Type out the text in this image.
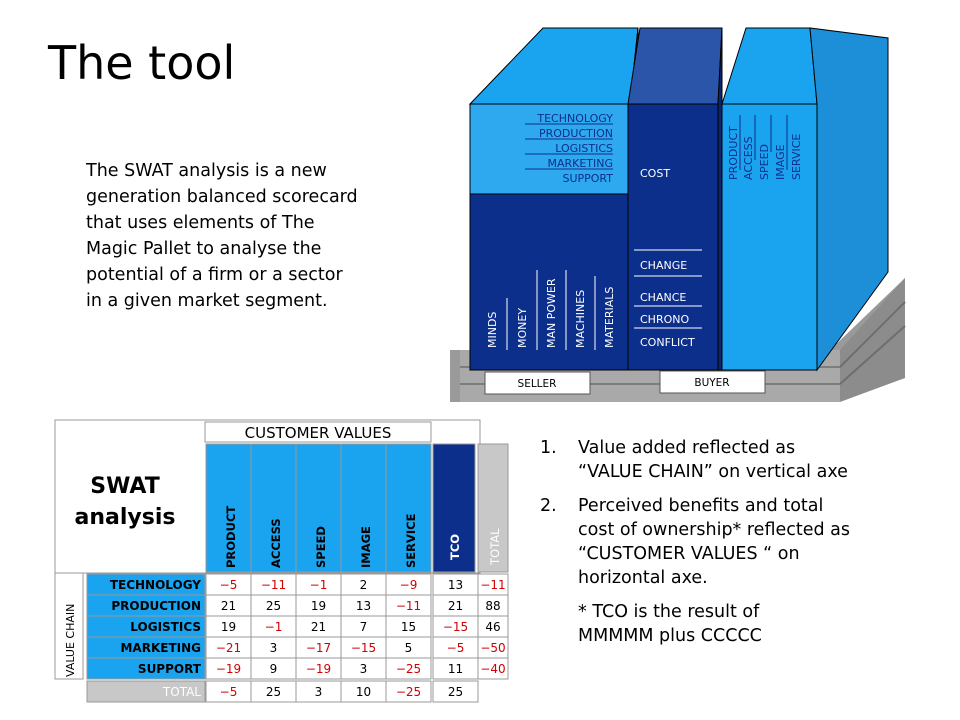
The tool
The SWAT analysis is a new
generation balanced scorecard
that uses elements of The
Magic Pallet to analyse the
potential of a firm or a sector
in a given market segment.
SELLER	BUYER
TECHNOLOGY
PRODUCTION
LOGISTICS
MARKETING
SUPPORT
MINDS MONEY MAN POWER MACHINES MATERIALS
COST
CHANGE
CHANCE
CHRONO
CONFLICT
PRODUCT ACCESS SPEED IMAGE SERVICE
SWAT
analysis
CUSTOMER VALUES
PRODUCT	ACCESS	SPEED	IMAGE	SERVICE	TCO TOTAL
VALUE CHAIN
TECHNOLOGY −5 −11 −1	2	−9	13 −11
PRODUCTION 21 25 19 13 −11 21 88
LOGISTICS 19 −1 21	7	15 −15 46
MARKETING −21 3 −17 −15 5	−5 −50
SUPPORT −19 9 −19 3 −25 11 −40
TOTAL −5 25	3	10 −25 25
1. Value added reflected as
“VALUE CHAIN” on vertical axe
2. Perceived benefits and total
cost of ownership* reflected as
“CUSTOMER VALUES “ on
horizontal axe.
* TCO is the result of
MMMMM plus CCCCC
